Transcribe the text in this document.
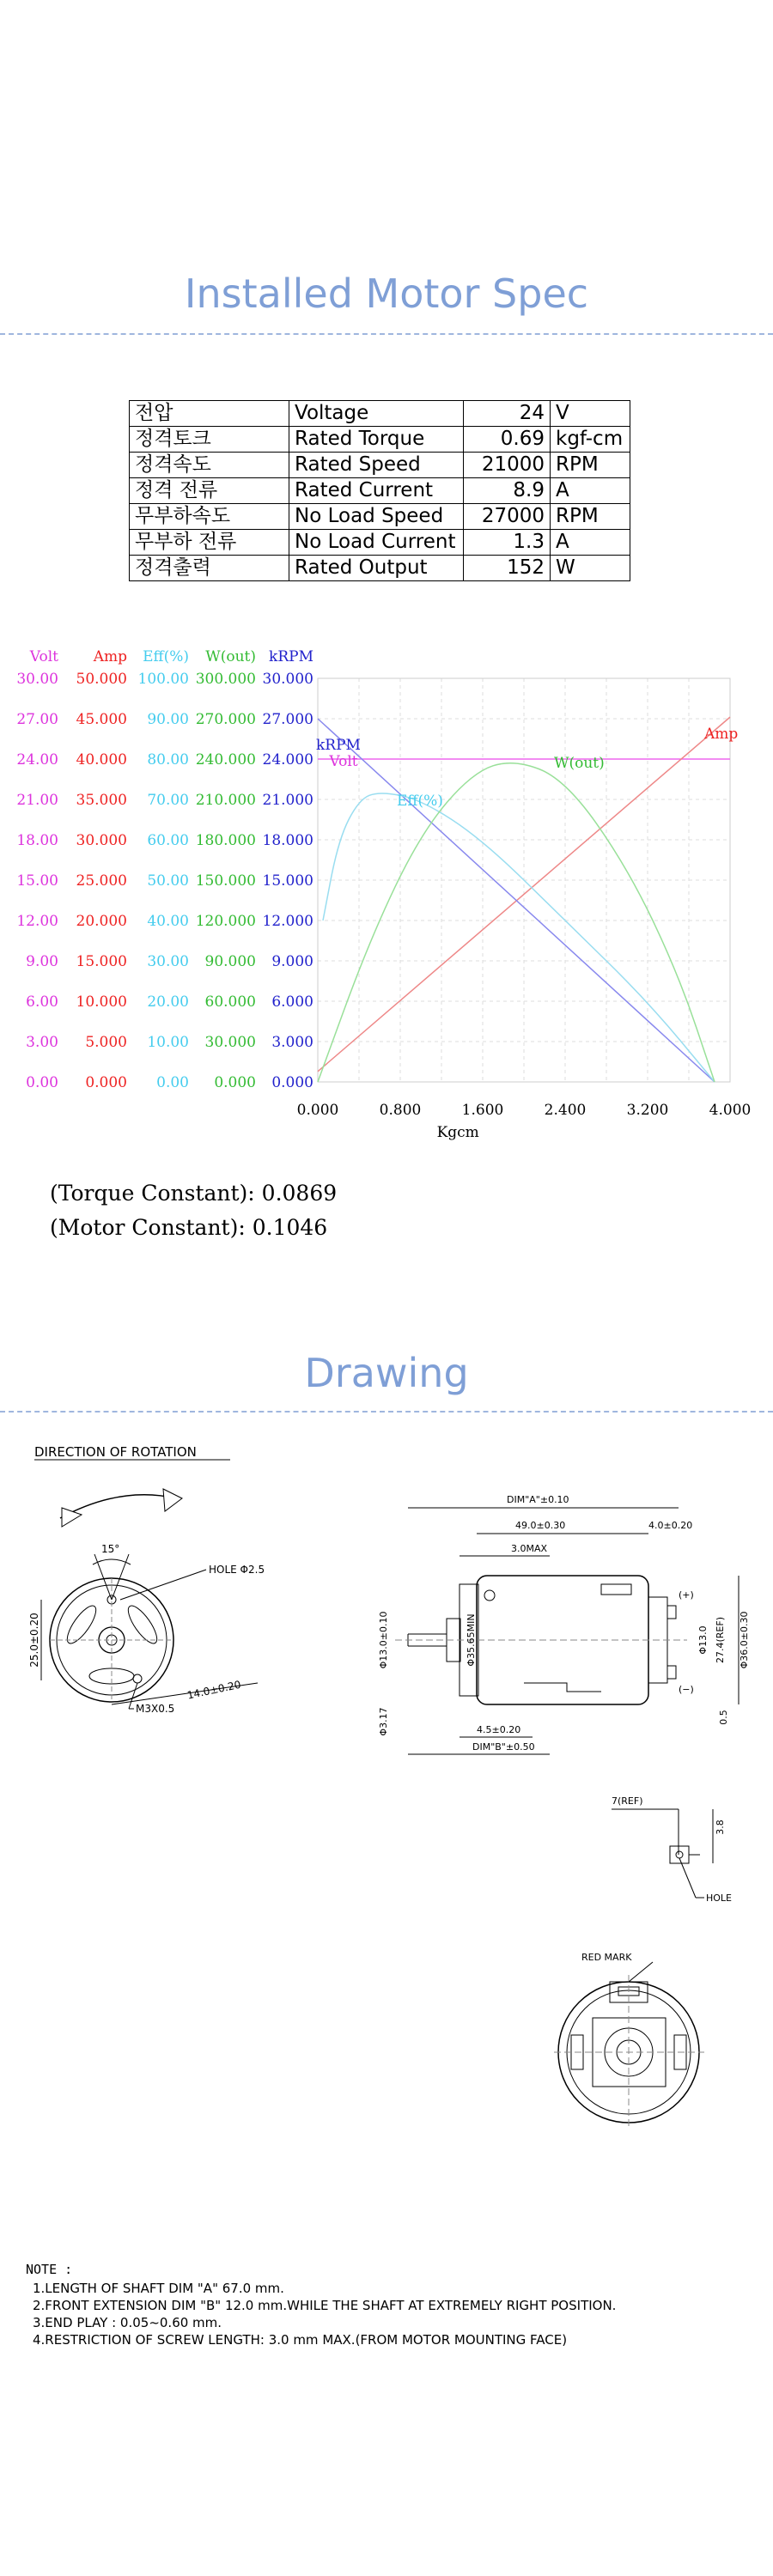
Installed Motor Spec
전압	Voltage	24	V
정격토크	Rated Torque	0.69	kgf-cm
정격속도	Rated Speed	21000	RPM
정격 전류	Rated Current	8.9	A
무부하속도	No Load Speed	27000	RPM
무부하 전류	No Load Current	1.3	A
정격출력	Rated Output	152	W
Volt
0.00
3.00
6.00
9.00
12.00
15.00
18.00
21.00
24.00
27.00
30.00
Amp
0.000
5.000
10.000
15.000
20.000
25.000
30.000
35.000
40.000
45.000
50.000
Eff(%)
0.00
10.00
20.00
30.00
40.00
50.00
60.00
70.00
80.00
90.00
100.00
W(out)
0.000
30.000
60.000
90.000
120.000
150.000
180.000
210.000
240.000
270.000
300.000
kRPM
0.000
3.000
6.000
9.000
12.000
15.000
18.000
21.000
24.000
27.000
30.000
0.000	0.800	1.600	2.400	3.200	4.000
Kgcm
Volt
Amp
kRPM
Eff(%)
W(out)
(Torque Constant): 0.0869
(Motor Constant): 0.1046
Drawing
DIRECTION OF ROTATION
15°
HOLE Φ2.5
25.0±0.20
14.0±0.20
M3X0.5
DIM"A"±0.10
49.0±0.30	4.0±0.20
3.0MAX
Φ13.0±0.10
Φ3.17
Φ35.65MIN	Φ13.0 27.4(REF) Φ36.0±0.30
0.5
(+)
(−)
4.5±0.20
DIM"B"±0.50
7(REF)
3.8
HOLE
RED MARK
NOTE :
1.LENGTH OF SHAFT DIM "A" 67.0 mm.
2.FRONT EXTENSION DIM "B" 12.0 mm.WHILE THE SHAFT AT EXTREMELY RIGHT POSITION.
3.END PLAY : 0.05~0.60 mm.
4.RESTRICTION OF SCREW LENGTH: 3.0 mm MAX.(FROM MOTOR MOUNTING FACE)
